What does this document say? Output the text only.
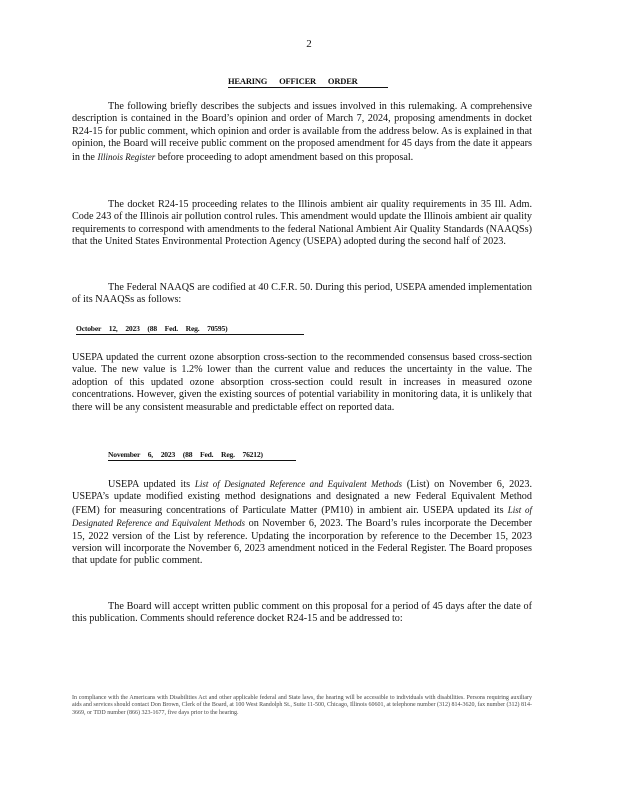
2
HEARING OFFICER ORDER

The following briefly describes the subjects and issues involved in this rulemaking. A comprehensive description is contained in the Board’s opinion and order of March 7, 2024, proposing amendments in docket R24-15 for public comment, which opinion and order is available from the address below. As is explained in that opinion, the Board will receive public comment on the proposed amendment for 45 days from the date it appears in the Illinois Register before proceeding to adopt amendment based on this proposal.

The docket R24-15 proceeding relates to the Illinois ambient air quality requirements in 35 Ill. Adm. Code 243 of the Illinois air pollution control rules. This amendment would update the Illinois ambient air quality requirements to correspond with amendments to the federal National Ambient Air Quality Standards (NAAQSs) that the United States Environmental Protection Agency (USEPA) adopted during the second half of 2023.

The Federal NAAQS are codified at 40 C.F.R. 50. During this period, USEPA amended implementation of its NAAQSs as follows:

October 12, 2023 (88 Fed. Reg. 70595)

USEPA updated the current ozone absorption cross-section to the recommended consensus based cross-section value. The new value is 1.2% lower than the current value and reduces the uncertainty in the value. The adoption of this updated ozone absorption cross-section could result in increases in measured ozone concentrations. However, given the existing sources of potential variability in monitoring data, it is unlikely that there will be any consistent measurable and predictable effect on reported data.

November 6, 2023 (88 Fed. Reg. 76212)

USEPA updated its List of Designated Reference and Equivalent Methods (List) on November 6, 2023. USEPA’s update modified existing method designations and designated a new Federal Equivalent Method (FEM) for measuring concentrations of Particulate Matter (PM10) in ambient air. USEPA updated its List of Designated Reference and Equivalent Methods on November 6, 2023. The Board’s rules incorporate the December 15, 2022 version of the List by reference. Updating the incorporation by reference to the December 15, 2023 version will incorporate the November 6, 2023 amendment noticed in the Federal Register. The Board proposes that update for public comment.

The Board will accept written public comment on this proposal for a period of 45 days after the date of this publication. Comments should reference docket R24-15 and be addressed to:

In compliance with the Americans with Disabilities Act and other applicable federal and State laws, the hearing will be accessible to individuals with disabilities. Persons requiring auxiliary aids and services should contact Don Brown, Clerk of the Board, at 100 West Randolph St., Suite 11-500, Chicago, Illinois 60601, at telephone number (312) 814-3620, fax number (312) 814-3669, or TDD number (866) 323-1677, five days prior to the hearing.
